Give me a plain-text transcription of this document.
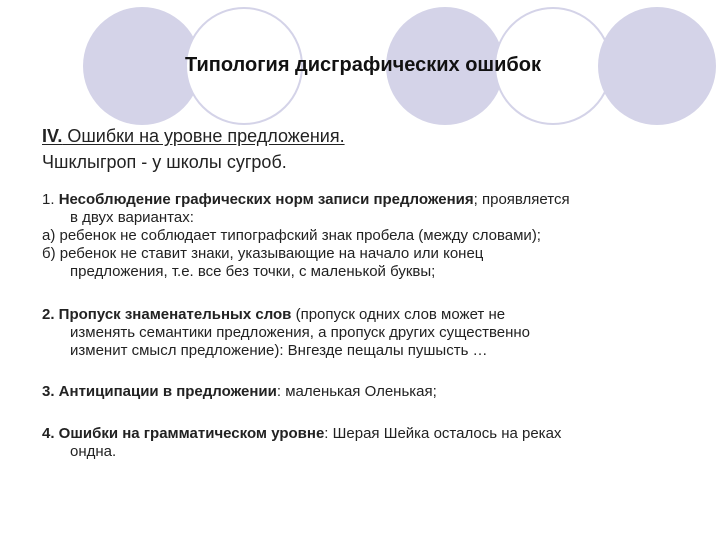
Типология дисграфических ошибок
IV. Ошибки на уровне предложения.
Чшклыгроп - у школы сугроб.
1. Несоблюдение графических норм записи предложения; проявляется
в двух вариантах:
а) ребенок не соблюдает типографский знак пробела (между словами);
б) ребенок не ставит знаки, указывающие на начало или конец
предложения, т.е. все без точки, с маленькой буквы;
2. Пропуск знаменательных слов (пропуск одних слов может не
изменять семантики предложения, а пропуск других существенно
изменит смысл предложение): Внгезде пещалы пушысть …
3. Антиципации в предложении: маленькая Оленькая;
4. Ошибки на грамматическом уровне: Шерая Шейка осталось на реках
ондна.
